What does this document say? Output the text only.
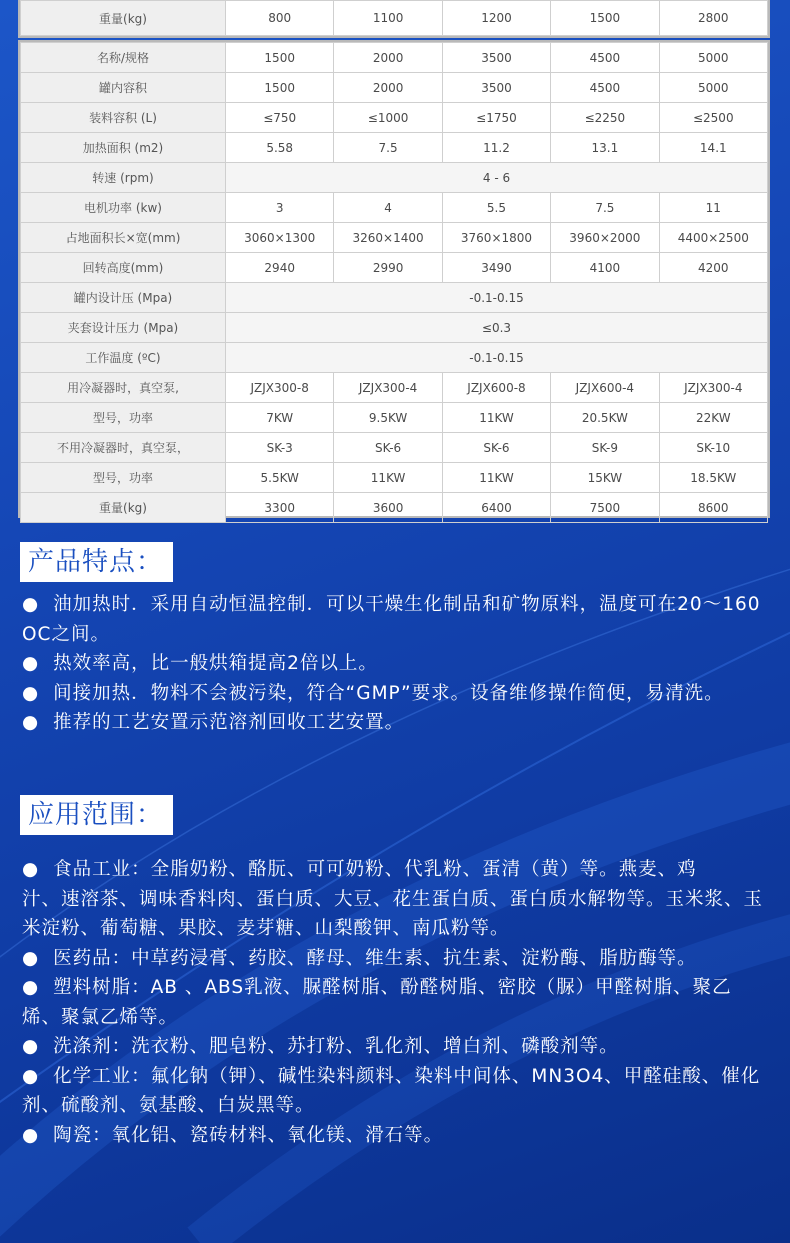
重量(kg)	800	1100	1200	1500	2800
名称/规格	1500	2000	3500	4500	5000
罐内容积	1500	2000	3500	4500	5000
装料容积 (L)	≤750	≤1000	≤1750	≤2250	≤2500
加热面积 (m2)	5.58	7.5	11.2	13.1	14.1
转速 (rpm)	4 - 6				
电机功率 (kw)	3	4	5.5	7.5	11
占地面积长×宽(mm)	3060×1300	3260×1400	3760×1800	3960×2000	4400×2500
回转高度(mm)	2940	2990	3490	4100	4200
罐内设计压 (Mpa)	-0.1-0.15				
夹套设计压力 (Mpa)	≤0.3				
工作温度 (ºC)	-0.1-0.15				
用冷凝器时，真空泵,	JZJX300-8	JZJX300-4	JZJX600-8	JZJX600-4	JZJX300-4
型号，功率	7KW	9.5KW	11KW	20.5KW	22KW
不用冷凝器时，真空泵，	SK-3	SK-6	SK-6	SK-9	SK-10
型号，功率	5.5KW	11KW	11KW	15KW	18.5KW
重量(kg)	3300	3600	6400	7500	8600
产品特点：

● 油加热时．采用自动恒温控制．可以干燥生化制品和矿物原料，温度可在20～160OC之间。

● 热效率高，比一般烘箱提高2倍以上。

● 间接加热．物料不会被污染，符合“GMP”要求。设备维修操作简便，易清洗。

● 推荐的工艺安置示范溶剂回收工艺安置。

应用范围：

● 食品工业：全脂奶粉、酪朊、可可奶粉、代乳粉、蛋清（黄）等。燕麦、鸡

汁、速溶茶、调味香料肉、蛋白质、大豆、花生蛋白质、蛋白质水解物等。玉米浆、玉米淀粉、葡萄糖、果胶、麦芽糖、山梨酸钾、南瓜粉等。

● 医药品：中草药浸膏、药胶、酵母、维生素、抗生素、淀粉酶、脂肪酶等。

● 塑料树脂：AB 、ABS乳液、脲醛树脂、酚醛树脂、密胶（脲）甲醛树脂、聚乙烯、聚氯乙烯等。

● 洗涤剂：洗衣粉、肥皂粉、苏打粉、乳化剂、增白剂、磷酸剂等。

● 化学工业：氟化钠（钾）、碱性染料颜料、染料中间体、MN3O4、甲醛硅酸、催化剂、硫酸剂、氨基酸、白炭黑等。

● 陶瓷：氧化铝、瓷砖材料、氧化镁、滑石等。
